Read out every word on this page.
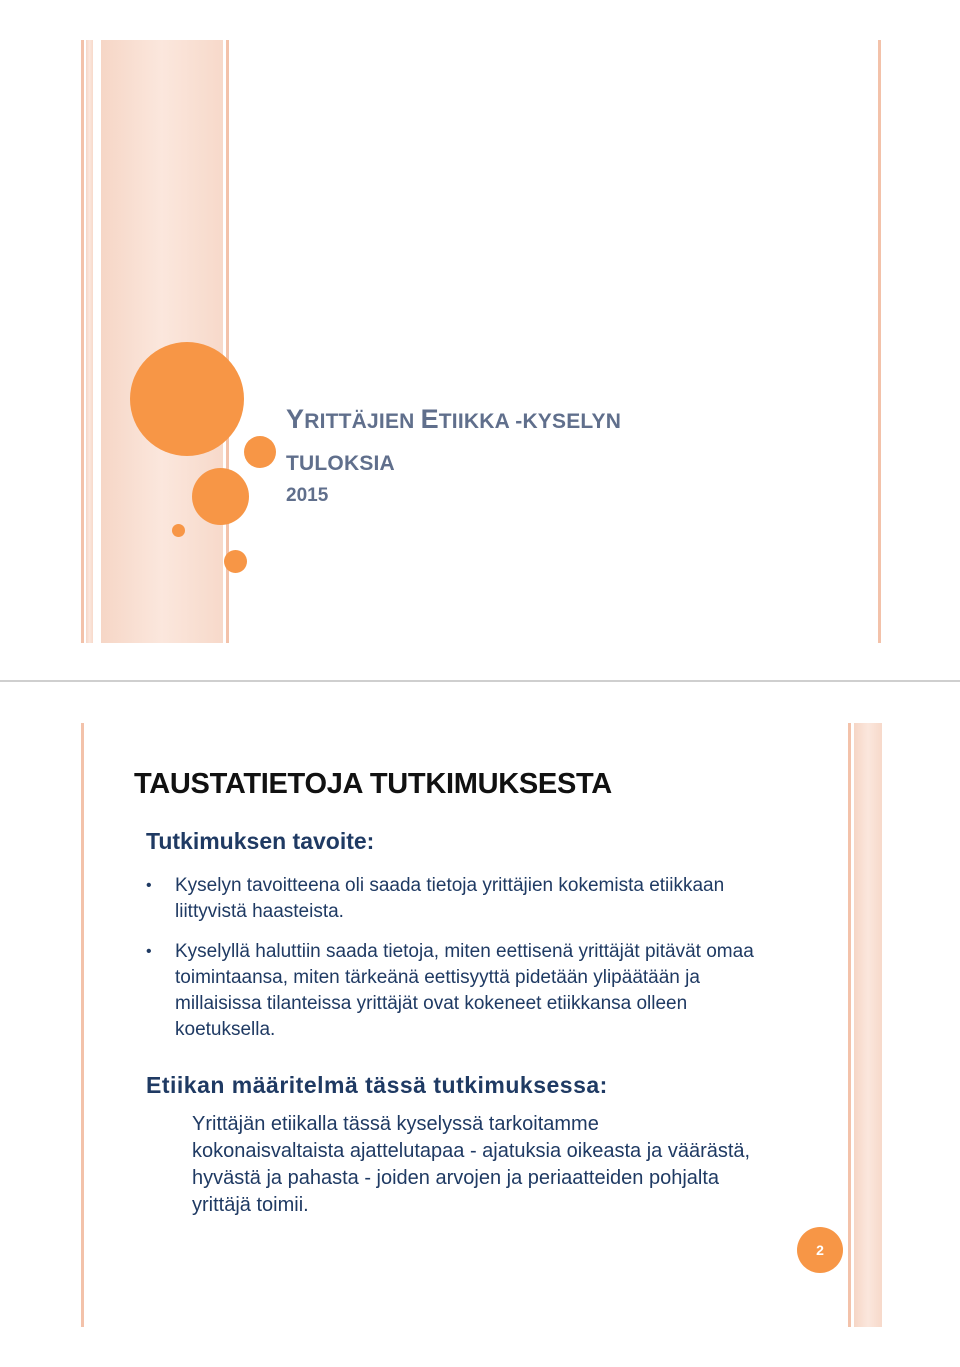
YRITTÄJIEN ETIIKKA -KYSELYN
TULOKSIA
2015
TAUSTATIETOJA TUTKIMUKSESTA
Tutkimuksen tavoite:
• Kyselyn tavoitteena oli saada tietoja yrittäjien kokemista etiikkaan liittyvistä haasteista.
• Kyselyllä haluttiin saada tietoja, miten eettisenä yrittäjät pitävät omaa toimintaansa, miten tärkeänä eettisyyttä pidetään ylipäätään ja millaisissa tilanteissa yrittäjät ovat kokeneet etiikkansa olleen koetuksella.
Etiikan määritelmä tässä tutkimuksessa:

Yrittäjän etiikalla tässä kyselyssä tarkoitamme kokonaisvaltaista ajattelutapaa - ajatuksia oikeasta ja väärästä, hyvästä ja pahasta - joiden arvojen ja periaatteiden pohjalta yrittäjä toimii.

2
